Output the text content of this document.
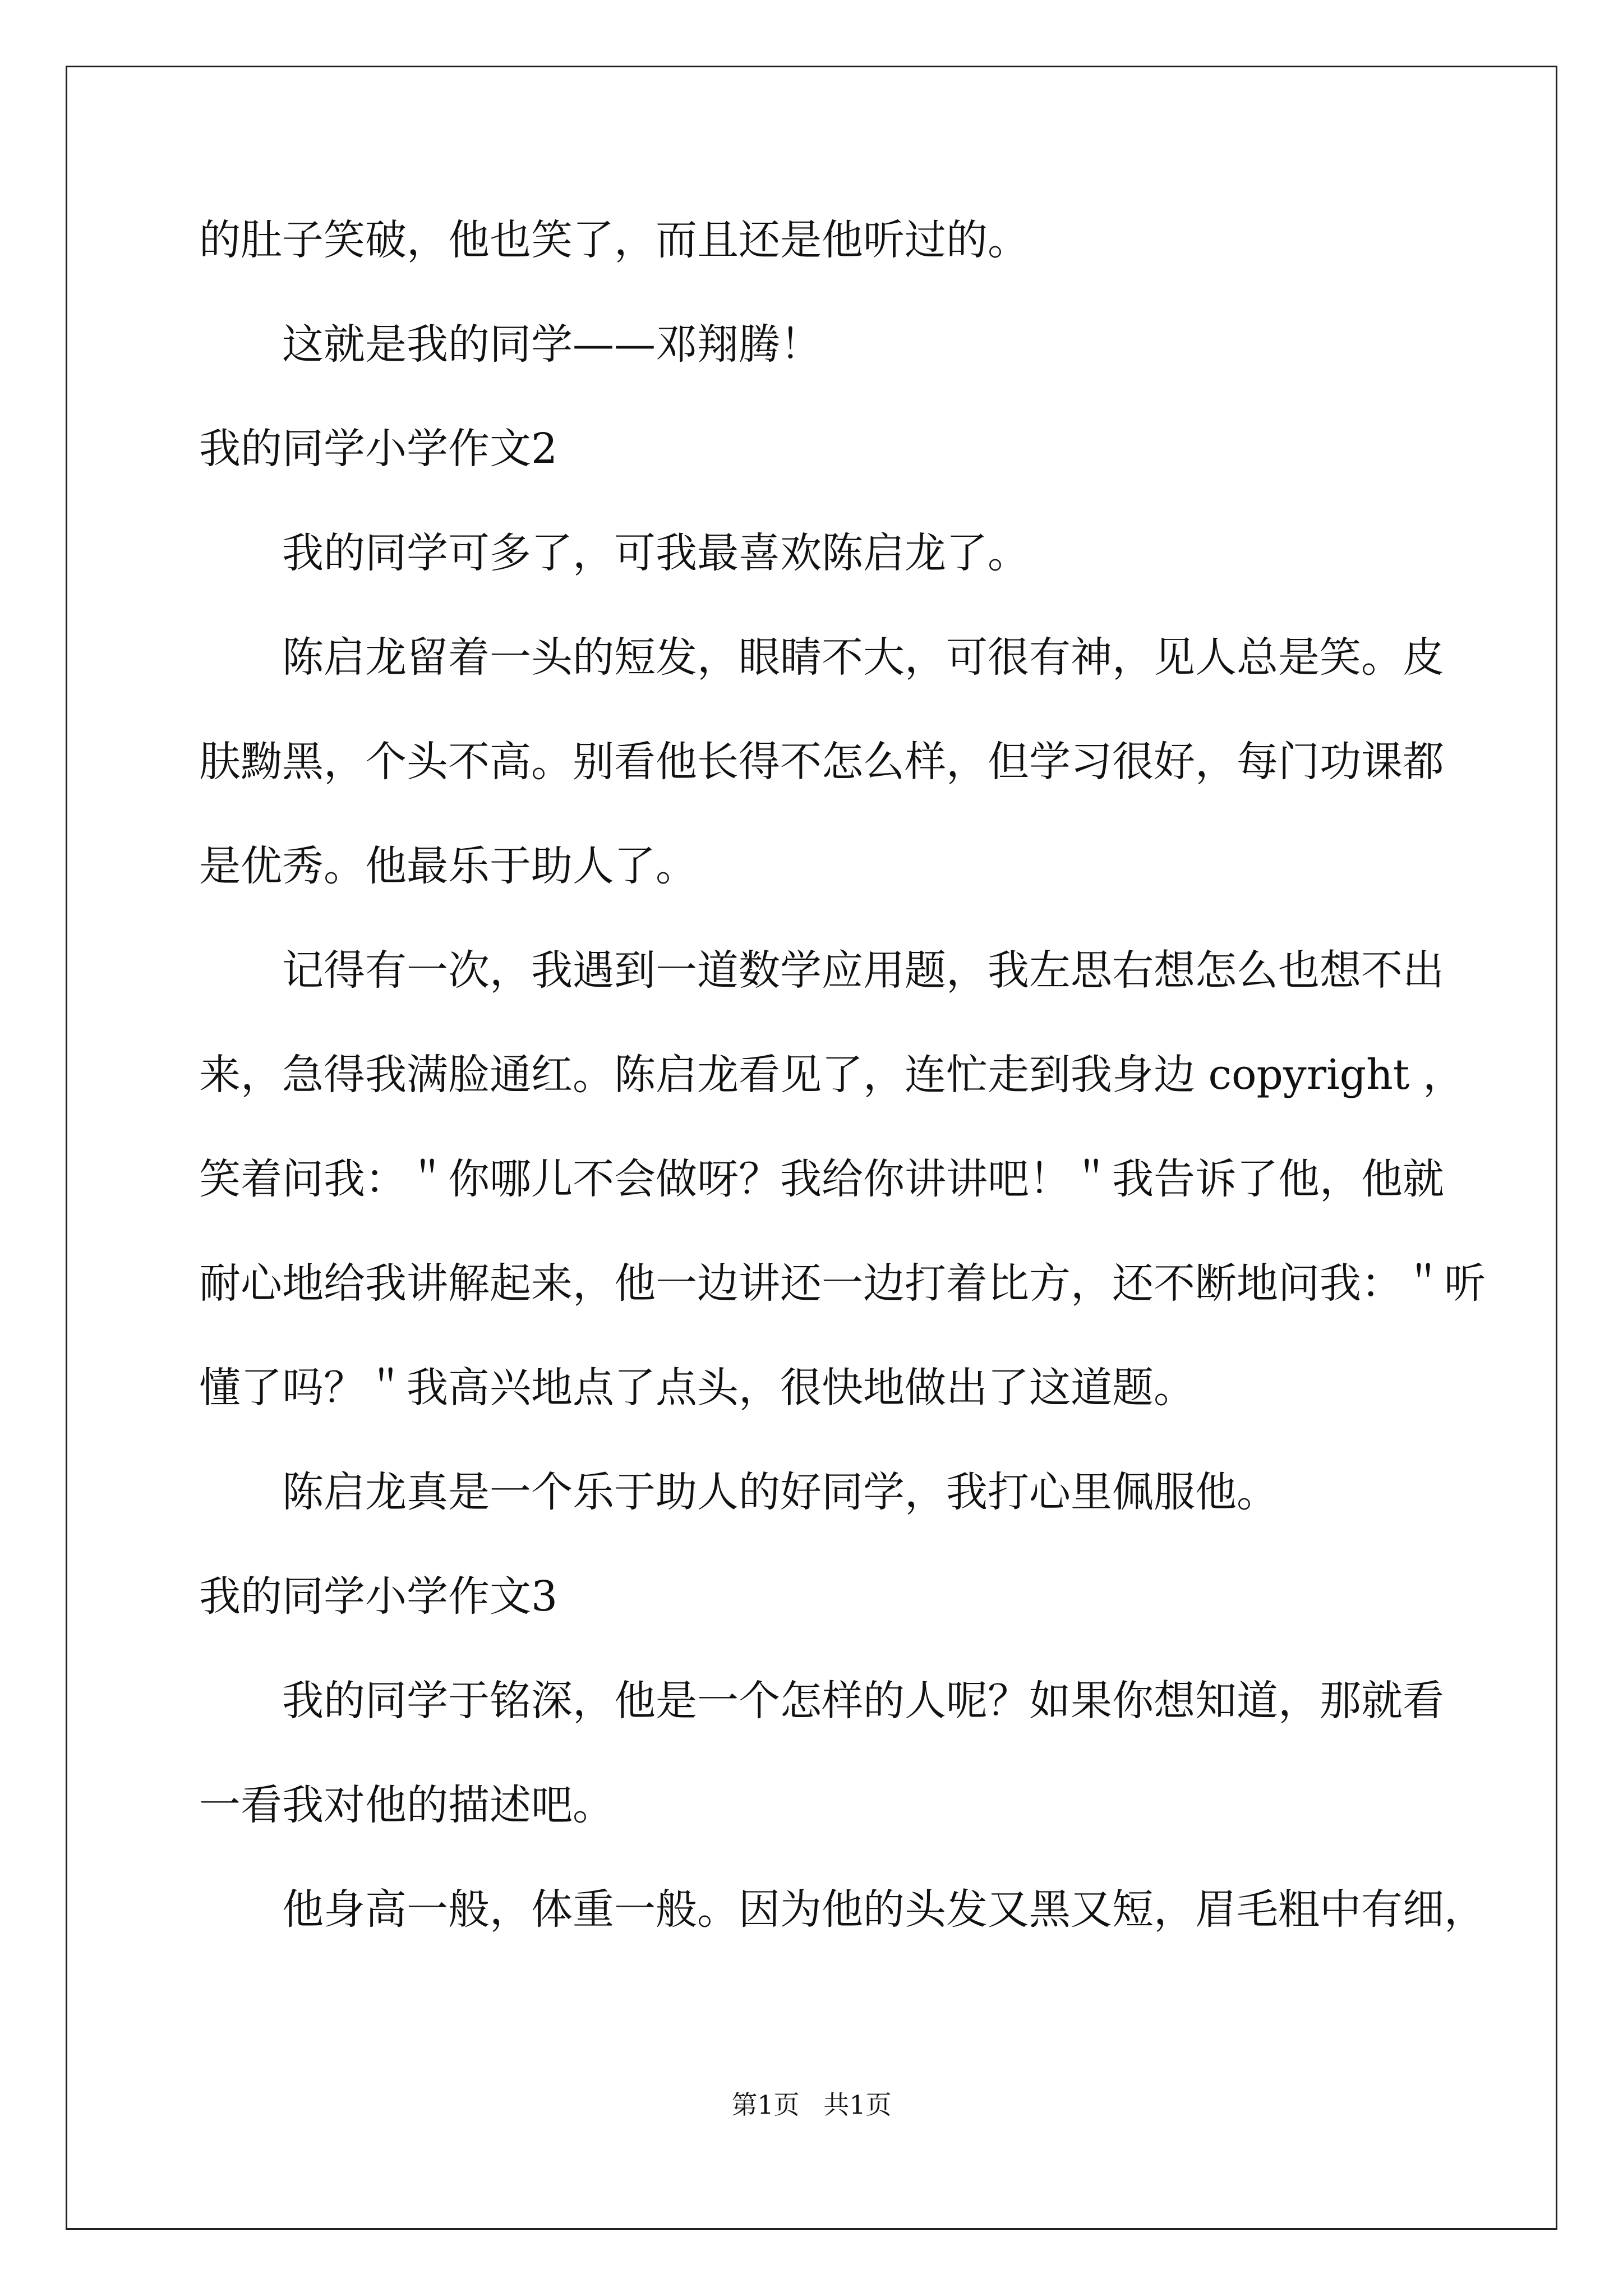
的肚子笑破，他也笑了，而且还是他听过的。

这就是我的同学——邓翔腾！

我的同学小学作文2

我的同学可多了，可我最喜欢陈启龙了。

陈启龙留着一头的短发，眼睛不大，可很有神，见人总是笑。皮

肤黝黑，个头不高。别看他长得不怎么样，但学习很好，每门功课都

是优秀。他最乐于助人了。

记得有一次，我遇到一道数学应用题，我左思右想怎么也想不出

来，急得我满脸通红。陈启龙看见了，连忙走到我身边 copyright ，

笑着问我：＂你哪儿不会做呀？我给你讲讲吧！＂我告诉了他，他就

耐心地给我讲解起来，他一边讲还一边打着比方，还不断地问我：＂听

懂了吗？＂我高兴地点了点头，很快地做出了这道题。

陈启龙真是一个乐于助人的好同学，我打心里佩服他。

我的同学小学作文3

我的同学于铭深，他是一个怎样的人呢？如果你想知道，那就看

一看我对他的描述吧。

他身高一般，体重一般。因为他的头发又黑又短，眉毛粗中有细，

第1页 共1页
